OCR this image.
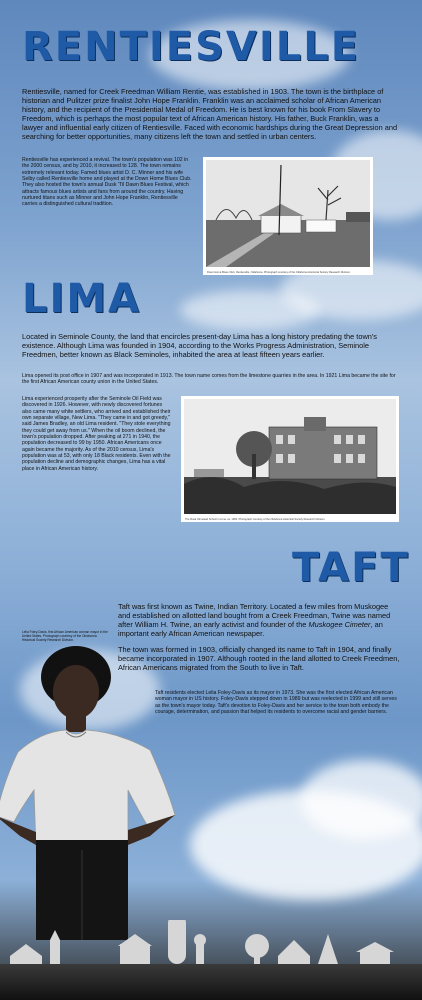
RENTIESVILLE

Rentiesville, named for Creek Freedman William Rentie, was established in 1903. The town is the birthplace of historian and Pulitzer prize finalist John Hope Franklin. Franklin was an acclaimed scholar of African American history, and the recipient of the Presidential Medal of Freedom. He is best known for his book From Slavery to Freedom, which is perhaps the most popular text of African American history. His father, Buck Franklin, was a lawyer and influential early citizen of Rentiesville. Faced with economic hardships during the Great Depression and searching for better opportunities, many citizens left the town and settled in urban centers.

Rentiesville has experienced a revival. The town's population was 102 in the 2000 census, and by 2010, it increased to 128. The town remains extremely relevant today. Famed blues artist D. C. Minner and his wife Selby called Rentiesville home and played at the Down Home Blues Club. They also hosted the town's annual Dusk 'Til Dawn Blues Festival, which attracts famous blues artists and fans from around the country. Having nurtured titans such as Minner and John Hope Franklin, Rentiesville carries a distinguished cultural tradition.

Down Home Blues Club, Rentiesville, Oklahoma. Photograph courtesy of the Oklahoma Historical Society Research Division.
LIMA

Located in Seminole County, the land that encircles present-day Lima has a long history predating the town's existence. Although Lima was founded in 1904, according to the Works Progress Administration, Seminole Freedmen, better known as Black Seminoles, inhabited the area at least fifteen years earlier.

Lima opened its post office in 1907 and was incorporated in 1913. The town name comes from the limestone quarries in the area. In 1921 Lima became the site for the first African American county union in the United States.

Lima experienced prosperity after the Seminole Oil Field was discovered in 1926. However, with newly discovered fortunes also came many white settlers, who arrived and established their own separate village, New Lima. "They came in and got greedy," said James Bradley, an old Lima resident. "They stole everything they could get away from us." When the oil boom declined, the town's population dropped. After peaking at 271 in 1940, the population decreased to 99 by 1950. African Americans once again became the majority. As of the 2010 census, Lima's population was at 53, with only 18 Black residents. Even with the population decline and demographic changes, Lima has a vital place in African American history.

The Rosa Olmstead School in Lima, ca. 1960. Photograph courtesy of the Oklahoma Historical Society Research Division.
TAFT

Taft was first known as Twine, Indian Territory. Located a few miles from Muskogee and established on allotted land bought from a Creek Freedman, Twine was named after William H. Twine, an early activist and founder of the Muskogee Cimeter, an important early African American newspaper.

The town was formed in 1903, officially changed its name to Taft in 1904, and finally became incorporated in 1907. Although rooted in the land allotted to Creek Freedmen, African Americans migrated from the South to live in Taft.

Taft residents elected Lelia Foley-Davis as its mayor in 1973. She was the first elected African American woman mayor in US history. Foley-Davis stepped down in 1989 but was reelected in 1999 and still serves as the town's mayor today. Taft's devotion to Foley-Davis and her service to the town both embody the courage, determination, and passion that helped its residents to overcome racial and gender barriers.

Lelia Foley-Davis, first African American woman mayor in the United States. Photograph courtesy of the Oklahoma Historical Society Research Division.
